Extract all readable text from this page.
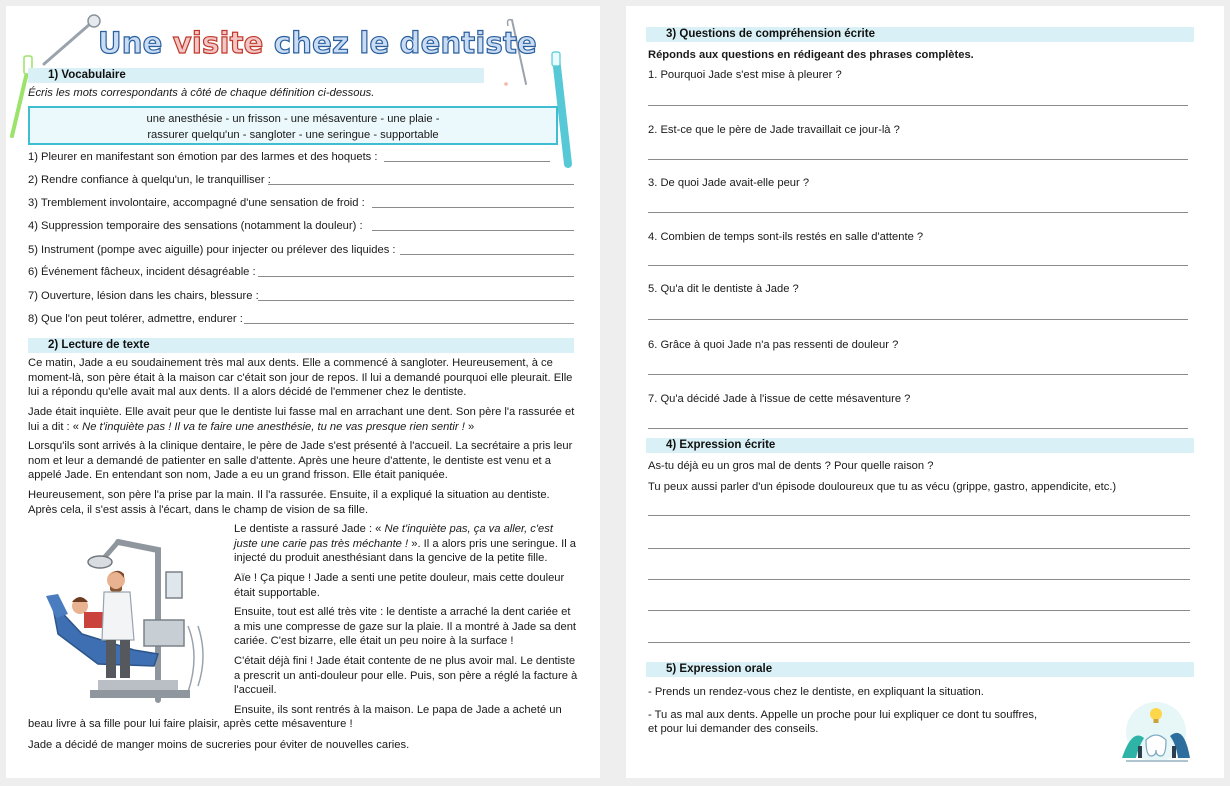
Une visite chez le dentiste
1) Vocabulaire
Écris les mots correspondants à côté de chaque définition ci-dessous.
une anesthésie - un frisson - une mésaventure - une plaie -
rassurer quelqu'un - sangloter - une seringue - supportable
1) Pleurer en manifestant son émotion par des larmes et des hoquets :
2) Rendre confiance à quelqu'un, le tranquilliser :
3) Tremblement involontaire, accompagné d'une sensation de froid :
4) Suppression temporaire des sensations (notamment la douleur) :
5) Instrument (pompe avec aiguille) pour injecter ou prélever des liquides :
6) Événement fâcheux, incident désagréable :
7) Ouverture, lésion dans les chairs, blessure :
8) Que l'on peut tolérer, admettre, endurer :
2) Lecture de texte
Ce matin, Jade a eu soudainement très mal aux dents. Elle a commencé à sangloter. Heureusement, à ce moment-là, son père était à la maison car c'était son jour de repos. Il lui a demandé pourquoi elle pleurait. Elle lui a répondu qu'elle avait mal aux dents. Il a alors décidé de l'emmener chez le dentiste.
Jade était inquiète. Elle avait peur que le dentiste lui fasse mal en arrachant une dent. Son père l'a rassurée et lui a dit : « Ne t'inquiète pas ! Il va te faire une anesthésie, tu ne vas presque rien sentir ! »
Lorsqu'ils sont arrivés à la clinique dentaire, le père de Jade s'est présenté à l'accueil. La secrétaire a pris leur nom et leur a demandé de patienter en salle d'attente. Après une heure d'attente, le dentiste est venu et a appelé Jade. En entendant son nom, Jade a eu un grand frisson. Elle était paniquée.
Heureusement, son père l'a prise par la main. Il l'a rassurée. Ensuite, il a expliqué la situation au dentiste. Après cela, il s'est assis à l'écart, dans le champ de vision de sa fille.
Le dentiste a rassuré Jade : « Ne t'inquiète pas, ça va aller, c'est juste une carie pas très méchante ! ». Il a alors pris une seringue. Il a injecté du produit anesthésiant dans la gencive de la petite fille.
Aïe ! Ça pique ! Jade a senti une petite douleur, mais cette douleur était supportable.
Ensuite, tout est allé très vite : le dentiste a arraché la dent cariée et a mis une compresse de gaze sur la plaie. Il a montré à Jade sa dent cariée. C'est bizarre, elle était un peu noire à la surface !
C'était déjà fini ! Jade était contente de ne plus avoir mal. Le dentiste a prescrit un anti-douleur pour elle. Puis, son père a réglé la facture à l'accueil.
Ensuite, ils sont rentrés à la maison. Le papa de Jade a acheté un
beau livre à sa fille pour lui faire plaisir, après cette mésaventure !
Jade a décidé de manger moins de sucreries pour éviter de nouvelles caries.
3) Questions de compréhension écrite
Réponds aux questions en rédigeant des phrases complètes.
1. Pourquoi Jade s'est mise à pleurer ?
2. Est-ce que le père de Jade travaillait ce jour-là ?
3. De quoi Jade avait-elle peur ?
4. Combien de temps sont-ils restés en salle d'attente ?
5. Qu'a dit le dentiste à Jade ?
6. Grâce à quoi Jade n'a pas ressenti de douleur ?
7. Qu'a décidé Jade à l'issue de cette mésaventure ?
4) Expression écrite
As-tu déjà eu un gros mal de dents ? Pour quelle raison ?
Tu peux aussi parler d'un épisode douloureux que tu as vécu (grippe, gastro, appendicite, etc.)
5) Expression orale
- Prends un rendez-vous chez le dentiste, en expliquant la situation.
- Tu as mal aux dents. Appelle un proche pour lui expliquer ce dont tu souffres,
et pour lui demander des conseils.
